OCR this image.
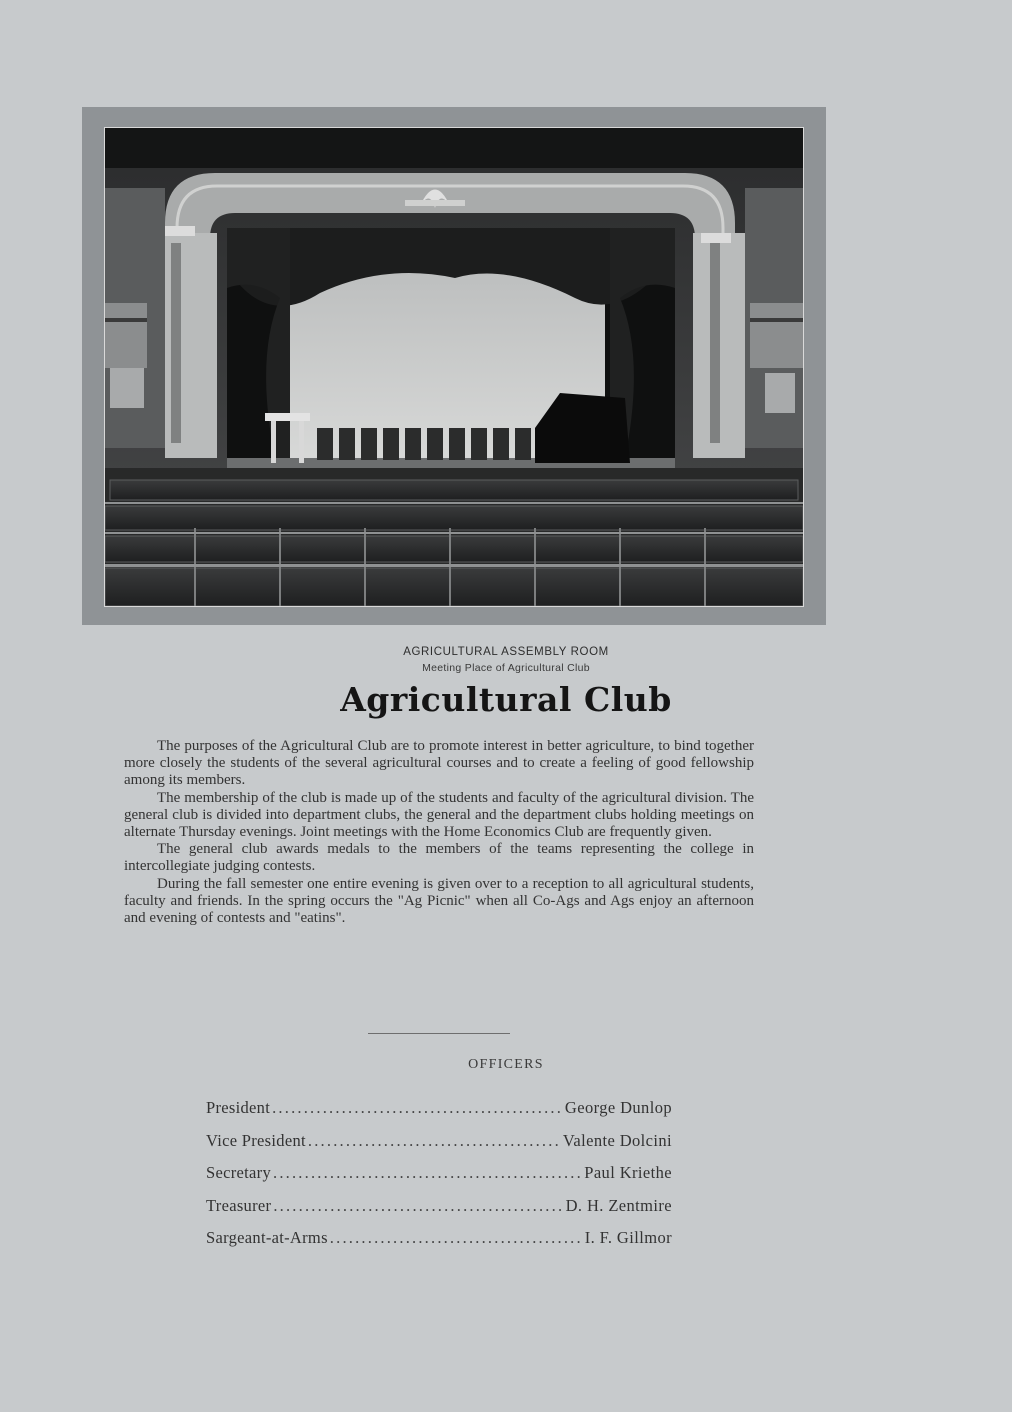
AGRICULTURAL ASSEMBLY ROOM
Meeting Place of Agricultural Club
Agricultural Club

The purposes of the Agricultural Club are to promote interest in better agriculture, to bind together more closely the students of the several agricultural courses and to create a feeling of good fellowship among its members.

The membership of the club is made up of the students and faculty of the agricultural division. The general club is divided into department clubs, the general and the department clubs holding meetings on alternate Thursday evenings. Joint meetings with the Home Economics Club are frequently given.

The general club awards medals to the members of the teams representing the college in intercollegiate judging contests.

During the fall semester one entire evening is given over to a reception to all agricultural students, faculty and friends. In the spring occurs the "Ag Picnic" when all Co-Ags and Ags enjoy an afternoon and evening of contests and "eatins".

OFFICERS
President .....	George Dunlop
Vice President .....	Valente Dolcini
Secretary .....	Paul Kriethe
Treasurer .....	D. H. Zentmire
Sargeant-at-Arms .....	I. F. Gillmor
